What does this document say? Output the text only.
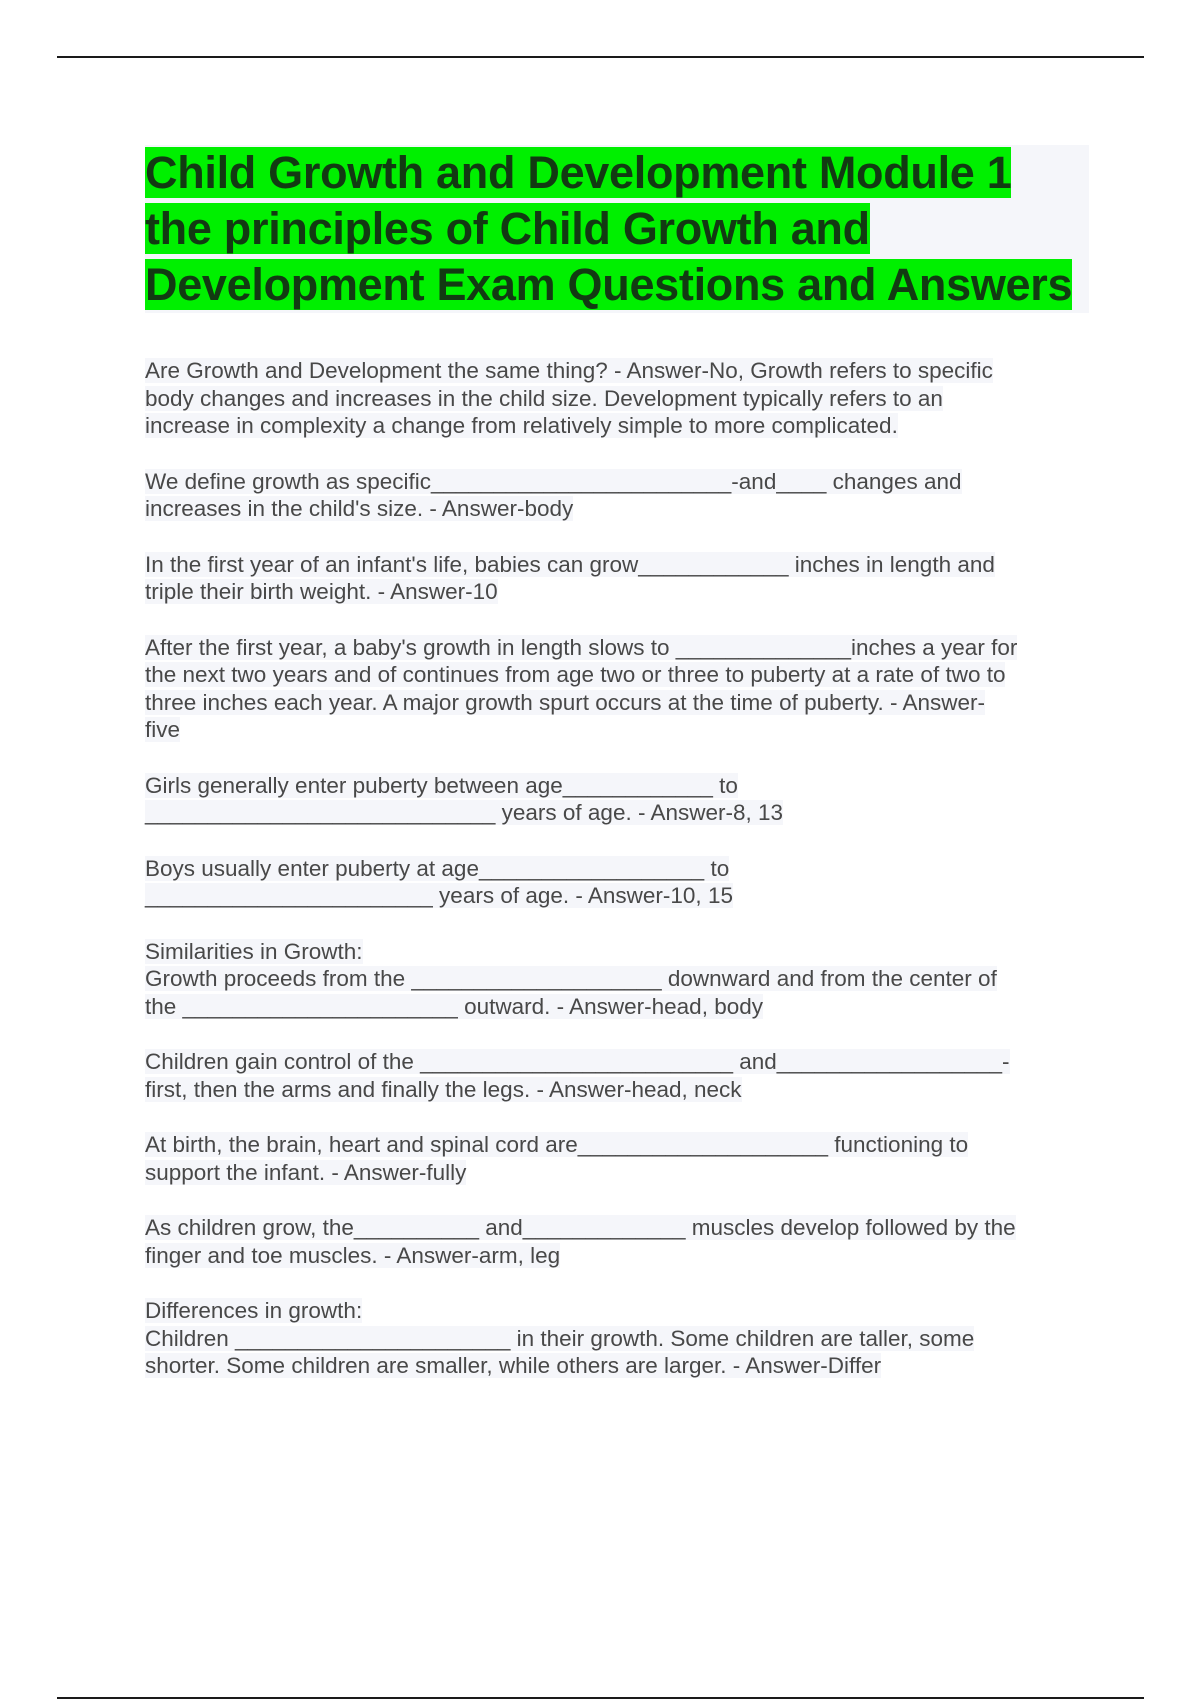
Child Growth and Development Module 1 the principles of Child Growth and Development Exam Questions and Answers

Are Growth and Development the same thing? - Answer-No, Growth refers to specific
body changes and increases in the child size. Development typically refers to an
increase in complexity a change from relatively simple to more complicated.

We define growth as specific________________________-and____ changes and
increases in the child's size. - Answer-body

In the first year of an infant's life, babies can grow____________ inches in length and
triple their birth weight. - Answer-10

After the first year, a baby's growth in length slows to ______________inches a year for
the next two years and of continues from age two or three to puberty at a rate of two to
three inches each year. A major growth spurt occurs at the time of puberty. - Answer-
five

Girls generally enter puberty between age____________ to
____________________________ years of age. - Answer-8, 13

Boys usually enter puberty at age__________________ to
_______________________ years of age. - Answer-10, 15

Similarities in Growth:
Growth proceeds from the ____________________ downward and from the center of
the ______________________ outward. - Answer-head, body

Children gain control of the _________________________ and__________________-
first, then the arms and finally the legs. - Answer-head, neck

At birth, the brain, heart and spinal cord are____________________ functioning to
support the infant. - Answer-fully

As children grow, the__________ and_____________ muscles develop followed by the
finger and toe muscles. - Answer-arm, leg

Differences in growth:
Children ______________________ in their growth. Some children are taller, some
shorter. Some children are smaller, while others are larger. - Answer-Differ
